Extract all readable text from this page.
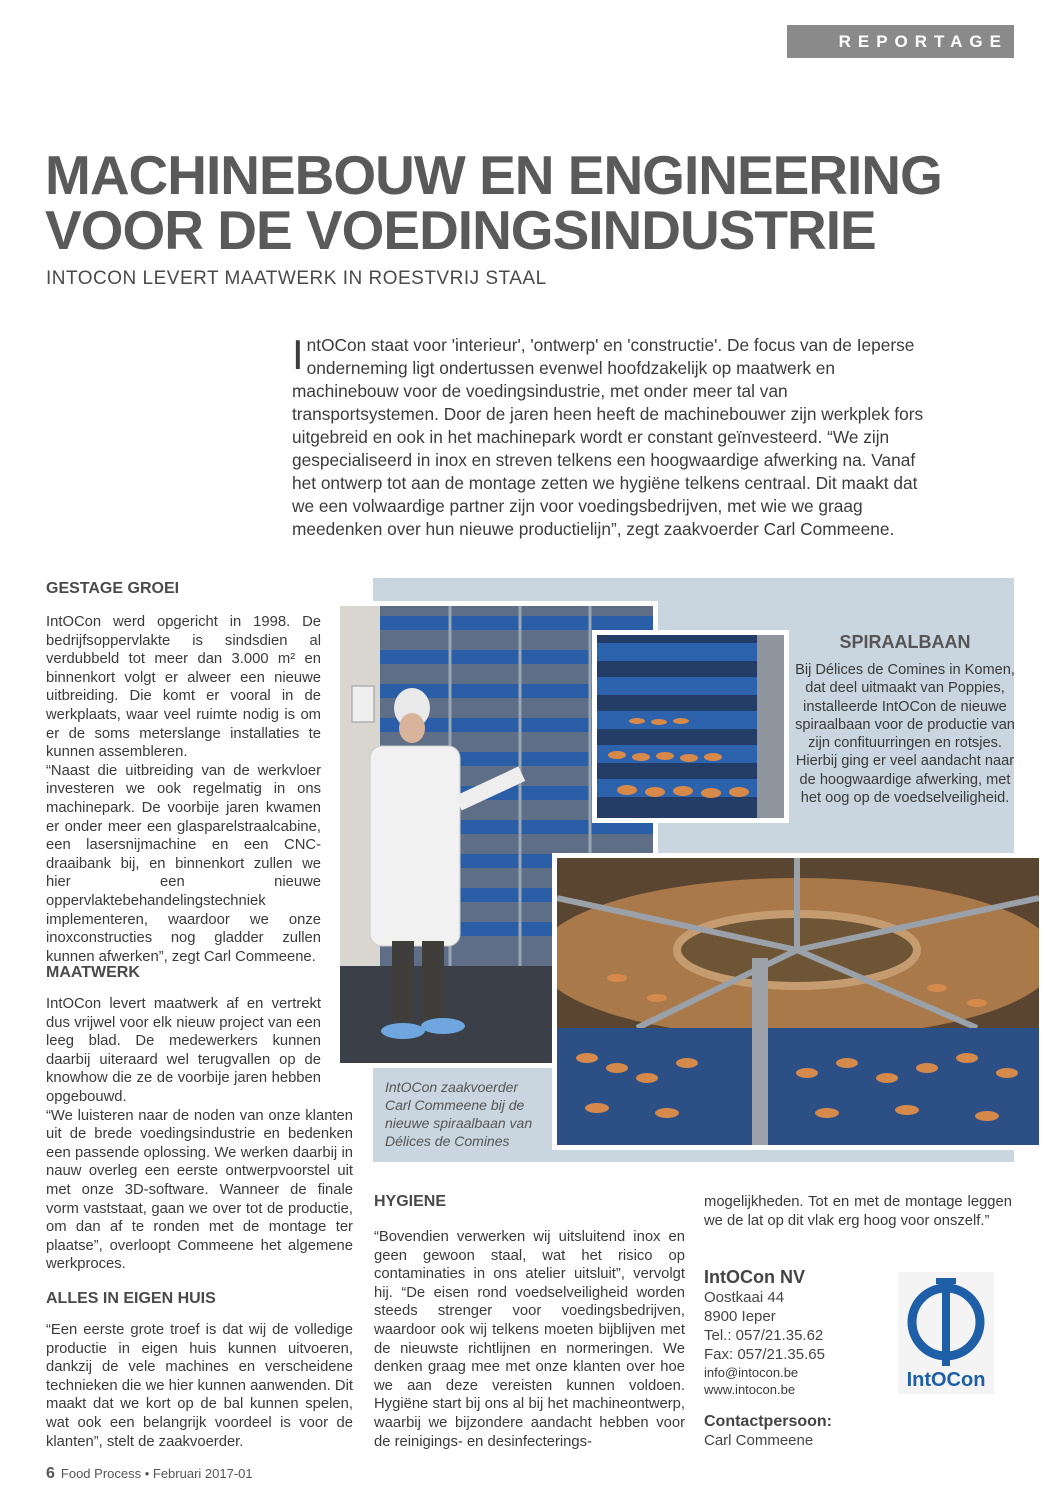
REPORTAGE
MACHINEBOUW EN ENGINEERING
VOOR DE VOEDINGSINDUSTRIE
INTOCON LEVERT MAATWERK IN ROESTVRIJ STAAL
IntOCon staat voor 'interieur', 'ontwerp' en 'constructie'. De focus van de Ieperse onderneming ligt ondertussen evenwel hoofdzakelijk op maatwerk en machinebouw voor de voedingsindustrie, met onder meer tal van transportsystemen. Door de jaren heen heeft de machinebouwer zijn werkplek fors uitgebreid en ook in het machinepark wordt er constant geïnvesteerd. “We zijn gespecialiseerd in inox en streven telkens een hoogwaardige afwerking na. Vanaf het ontwerp tot aan de montage zetten we hygiëne telkens centraal. Dit maakt dat we een volwaardige partner zijn voor voedingsbedrijven, met wie we graag meedenken over hun nieuwe productielijn”, zegt zaakvoerder Carl Commeene.
GESTAGE GROEI
IntOCon werd opgericht in 1998. De bedrijfsoppervlakte is sindsdien al verdubbeld tot meer dan 3.000 m² en binnenkort volgt er alweer een nieuwe uitbreiding. Die komt er vooral in de werkplaats, waar veel ruimte nodig is om er de soms meterslange installaties te kunnen assembleren.
“Naast die uitbreiding van de werkvloer investeren we ook regelmatig in ons machinepark. De voorbije jaren kwamen er onder meer een glasparelstraalcabine, een lasersnijmachine en een CNC-draaibank bij, en binnenkort zullen we hier een nieuwe oppervlaktebehandelingstechniek implementeren, waardoor we onze inoxconstructies nog gladder zullen kunnen afwerken”, zegt Carl Commeene.
MAATWERK
IntOCon levert maatwerk af en vertrekt dus vrijwel voor elk nieuw project van een leeg blad. De medewerkers kunnen daarbij uiteraard wel terugvallen op de knowhow die ze de voorbije jaren hebben opgebouwd.
“We luisteren naar de noden van onze klanten uit de brede voedingsindustrie en bedenken een passende oplossing. We werken daarbij in nauw overleg een eerste ontwerpvoorstel uit met onze 3D-software. Wanneer de finale vorm vaststaat, gaan we over tot de productie, om dan af te ronden met de montage ter plaatse”, overloopt Commeene het algemene werkproces.
ALLES IN EIGEN HUIS
“Een eerste grote troef is dat wij de volledige productie in eigen huis kunnen uitvoeren, dankzij de vele machines en verscheidene technieken die we hier kunnen aanwenden. Dit maakt dat we kort op de bal kunnen spelen, wat ook een belangrijk voordeel is voor de klanten”, stelt de zaakvoerder.
SPIRAALBAAN
Bij Délices de Comines in Komen, dat deel uitmaakt van Poppies, installeerde IntOCon de nieuwe spiraalbaan voor de productie van zijn confituurringen en rotsjes. Hierbij ging er veel aandacht naar de hoogwaardige afwerking, met het oog op de voedselveiligheid.
IntOCon zaakvoerder Carl Commeene bij de nieuwe spiraalbaan van Délices de Comines
HYGIENE
“Bovendien verwerken wij uitsluitend inox en geen gewoon staal, wat het risico op contaminaties in ons atelier uitsluit”, vervolgt hij. “De eisen rond voedselveiligheid worden steeds strenger voor voedingsbedrijven, waardoor ook wij telkens moeten bijblijven met de nieuwste richtlijnen en normeringen. We denken graag mee met onze klanten over hoe we aan deze vereisten kunnen voldoen. Hygiëne start bij ons al bij het machineontwerp, waarbij we bijzondere aandacht hebben voor de reinigings- en desinfecterings-
mogelijkheden. Tot en met de montage leggen we de lat op dit vlak erg hoog voor onszelf.”
IntOCon NV
Oostkaai 44
8900 Ieper
Tel.: 057/21.35.62
Fax: 057/21.35.65
info@intocon.be
www.intocon.be
Contactpersoon:
Carl Commeene
IntOCon
6 Food Process • Februari 2017-01
